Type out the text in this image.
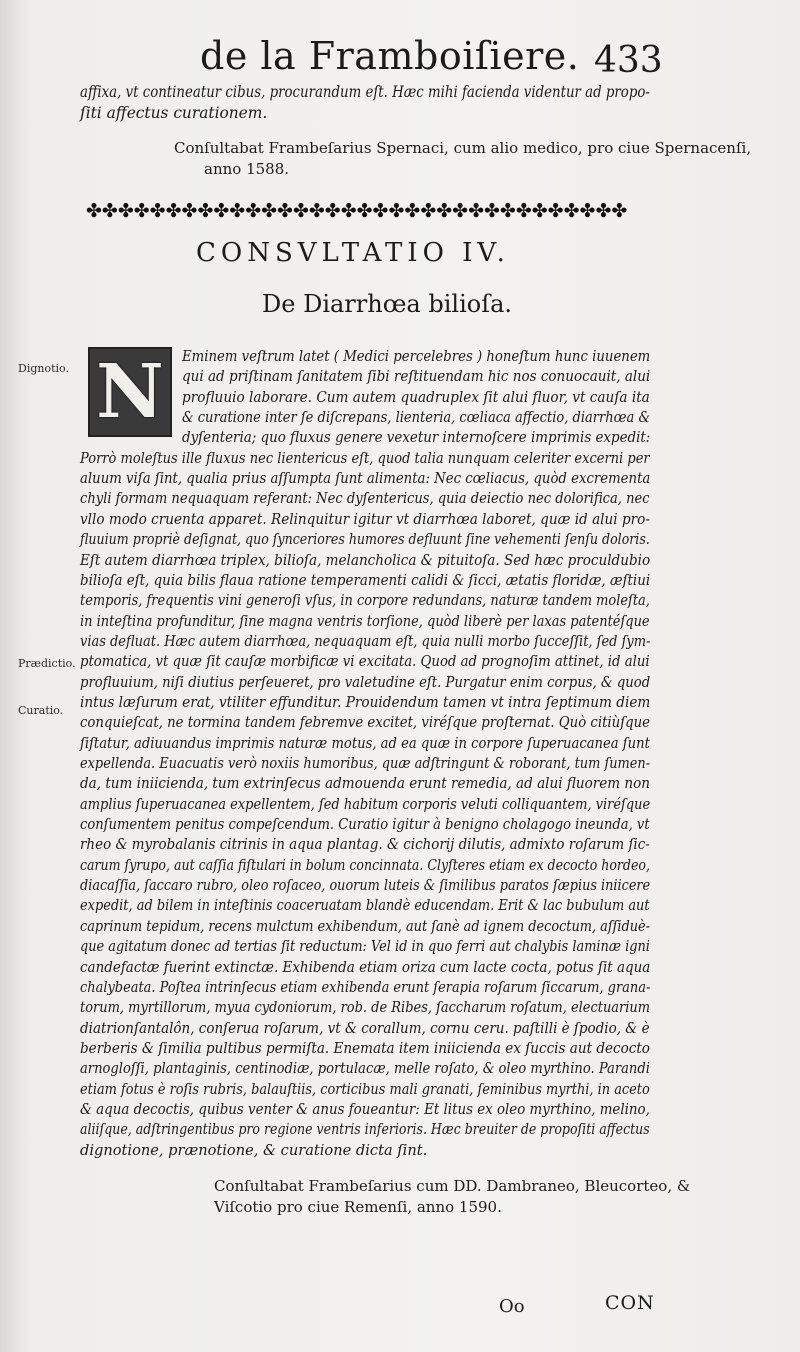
de la Framboiſiere. 433
affixa, vt contineatur cibus, procurandum eſt. Hæc mihi facienda videntur ad propo-
ſiti affectus curationem.
Conſultabat Frambeſarius Spernaci, cum alio medico, pro ciue Spernacenſi,
anno 1588.
✤✤✤✤✤✤✤✤✤✤✤✤✤✤✤✤✤✤✤✤✤✤✤✤✤✤✤✤✤✤✤✤✤✤
CONSVLTATIO IV.
De Diarrhœa bilioſa.
Dignotio.
Prædictio.
Curatio.
N Eminem veſtrum latet ( Medici percelebres ) honeſtum hunc iuuenem
qui ad priſtinam ſanitatem ſibi reſtituendam hic nos conuocauit, alui
profluuio laborare. Cum autem quadruplex ſit alui fluor, vt cauſa ita
& curatione inter ſe diſcrepans, lienteria, cœliaca affectio, diarrhœa &
dyſenteria; quo fluxus genere vexetur internoſcere imprimis expedit:
Porrò moleſtus ille fluxus nec lientericus eſt, quod talia nunquam celeriter excerni per
aluum viſa ſint, qualia prius aſſumpta ſunt alimenta: Nec cœliacus, quòd excrementa
chyli formam nequaquam referant: Nec dyſentericus, quia deiectio nec dolorifica, nec
vllo modo cruenta apparet. Relinquitur igitur vt diarrhœa laboret, quæ id alui pro-
fluuium propriè deſignat, quo ſynceriores humores defluunt ſine vehementi ſenſu doloris.
Eſt autem diarrhœa triplex, bilioſa, melancholica & pituitoſa. Sed hæc proculdubio
bilioſa eſt, quia bilis flaua ratione temperamenti calidi & ſicci, ætatis floridæ, æſtiui
temporis, frequentis vini generoſi vſus, in corpore redundans, naturæ tandem moleſta,
in inteſtina profunditur, ſine magna ventris torſione, quòd liberè per laxas patentéſque
vias defluat. Hæc autem diarrhœa, nequaquam eſt, quia nulli morbo ſucceſſit, ſed ſym-
ptomatica, vt quæ ſit cauſæ morbificæ vi excitata. Quod ad prognoſim attinet, id alui
profluuium, niſi diutius perſeueret, pro valetudine eſt. Purgatur enim corpus, & quod
intus læſurum erat, vtiliter effunditur. Prouidendum tamen vt intra ſeptimum diem
conquieſcat, ne tormina tandem febremve excitet, viréſque proſternat. Quò citiùſque
ſiſtatur, adiuuandus imprimis naturæ motus, ad ea quæ in corpore ſuperuacanea ſunt
expellenda. Euacuatis verò noxiis humoribus, quæ adſtringunt & roborant, tum ſumen-
da, tum iniicienda, tum extrinſecus admouenda erunt remedia, ad alui fluorem non
amplius ſuperuacanea expellentem, ſed habitum corporis veluti colliquantem, viréſque
conſumentem penitus compeſcendum. Curatio igitur à benigno cholagogo ineunda, vt
rheo & myrobalanis citrinis in aqua plantag. & cichorij dilutis, admixto roſarum ſic-
carum ſyrupo, aut caſſia fiſtulari in bolum concinnata. Clyſteres etiam ex decocto hordeo,
diacaſſia, ſaccaro rubro, oleo roſaceo, ouorum luteis & ſimilibus paratos ſæpius iniicere
expedit, ad bilem in inteſtinis coaceruatam blandè educendam. Erit & lac bubulum aut
caprinum tepidum, recens mulctum exhibendum, aut ſanè ad ignem decoctum, aſſiduè-
que agitatum donec ad tertias ſit reductum: Vel id in quo ferri aut chalybis laminæ igni
candefactæ fuerint extinctæ. Exhibenda etiam oriza cum lacte cocta, potus ſit aqua
chalybeata. Poſtea intrinſecus etiam exhibenda erunt ſerapia roſarum ſiccarum, grana-
torum, myrtillorum, myua cydoniorum, rob. de Ribes, ſaccharum roſatum, electuarium
diatrionſantalôn, conſerua roſarum, vt & corallum, cornu ceru. paſtilli è ſpodio, & è
berberis & ſimilia pultibus permiſta. Enemata item iniicienda ex ſuccis aut decocto
arnogloſſi, plantaginis, centinodiæ, portulacæ, melle roſato, & oleo myrthino. Parandi
etiam fotus è roſis rubris, balauſtiis, corticibus mali granati, ſeminibus myrthi, in aceto
& aqua decoctis, quibus venter & anus foueantur: Et litus ex oleo myrthino, melino,
aliiſque, adſtringentibus pro regione ventris inferioris. Hæc breuiter de propoſiti affectus
dignotione, prænotione, & curatione dicta ſint.
Conſultabat Frambeſarius cum DD. Dambraneo, Bleucorteo, &
Viſcotio pro ciue Remenſi, anno 1590.
Oo	CON
